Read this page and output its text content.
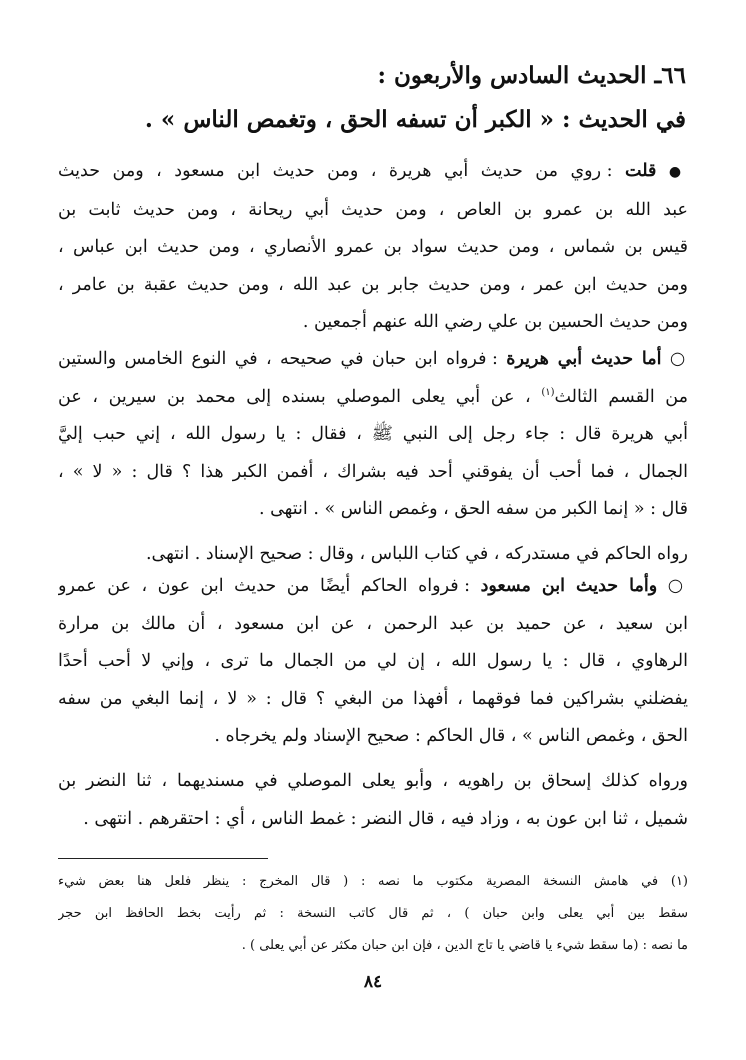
٦٦ـ الحديث السادس والأربعون :
في الحديث : « الكبر أن تسفه الحق ، وتغمص الناس » .
● قلت : روي من حديث أبي هريرة ، ومن حديث ابن مسعود ، ومن حديث
عبد الله بن عمرو بن العاص ، ومن حديث أبي ريحانة ، ومن حديث ثابت بن
قيس بن شماس ، ومن حديث سواد بن عمرو الأنصاري ، ومن حديث ابن عباس ،
ومن حديث ابن عمر ، ومن حديث جابر بن عبد الله ، ومن حديث عقبة بن عامر ،
ومن حديث الحسين بن علي رضي الله عنهم أجمعين .
○ أما حديث أبي هريرة : فرواه ابن حبان في صحيحه ، في النوع الخامس والستين
من القسم الثالث$^{(١)}$ ، عن أبي يعلى الموصلي بسنده إلى محمد بن سيرين ، عن
أبي هريرة قال : جاء رجل إلى النبي ﷺ ، فقال : يا رسول الله ، إني حبب إليَّ
الجمال ، فما أحب أن يفوقني أحد فيه بشراك ، أفمن الكبر هذا ؟ قال : « لا » ،
قال : « إنما الكبر من سفه الحق ، وغمص الناس » . انتهى .
رواه الحاكم في مستدركه ، في كتاب اللباس ، وقال : صحيح الإسناد . انتهى.
○ وأما حديث ابن مسعود : فرواه الحاكم أيضًا من حديث ابن عون ، عن عمرو
ابن سعيد ، عن حميد بن عبد الرحمن ، عن ابن مسعود ، أن مالك بن مرارة
الرهاوي ، قال : يا رسول الله ، إن لي من الجمال ما ترى ، وإني لا أحب أحدًا
يفضلني بشراكين فما فوقهما ، أفهذا من البغي ؟ قال : « لا ، إنما البغي من سفه
الحق ، وغمص الناس » ، قال الحاكم : صحيح الإسناد ولم يخرجاه .
ورواه كذلك إسحاق بن راهويه ، وأبو يعلى الموصلي في مسنديهما ، ثنا النضر بن
شميل ، ثنا ابن عون به ، وزاد فيه ، قال النضر : غمط الناس ، أي : احتقرهم . انتهى .
(١) في هامش النسخة المصرية مكتوب ما نصه : ( قال المخرج : ينظر فلعل هنا بعض شيء
سقط بين أبي يعلى وابن حبان ) ، ثم قال كاتب النسخة : ثم رأيت بخط الحافظ ابن حجر
ما نصه : (ما سقط شيء يا قاضي يا تاج الدين ، فإن ابن حبان مكثر عن أبي يعلى ) .
٨٤
